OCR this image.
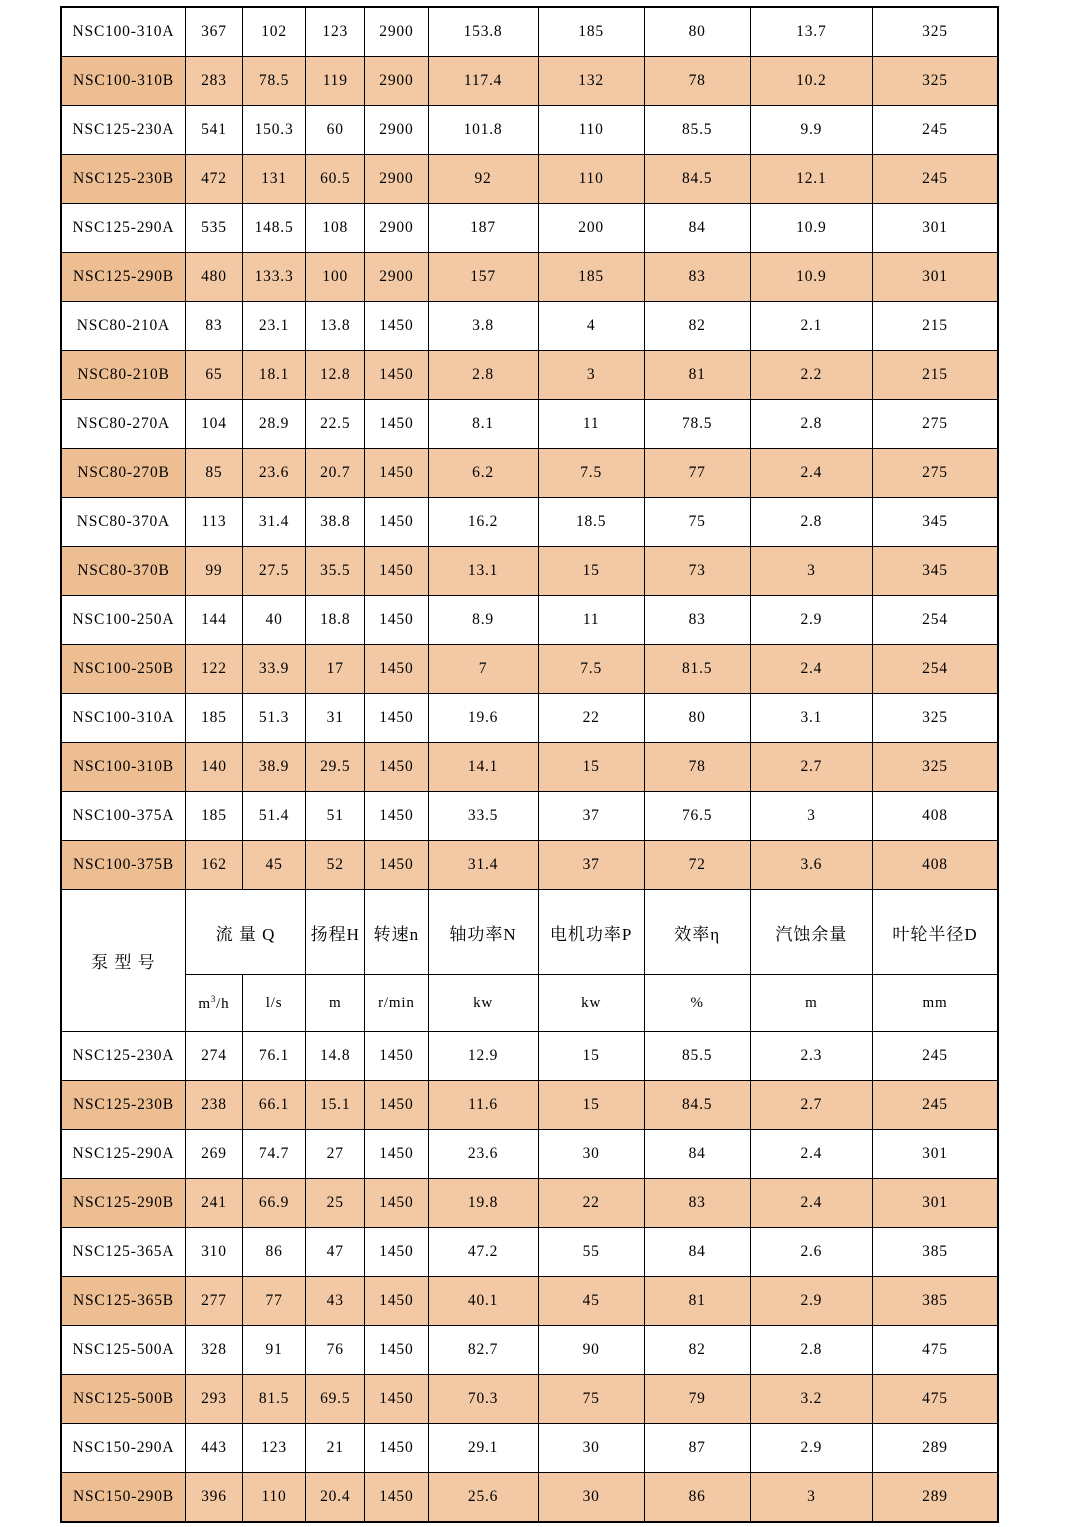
NSC100-310A	367	102	123	2900	153.8	185	80	13.7	325
NSC100-310B	283	78.5	119	2900	117.4	132	78	10.2	325
NSC125-230A	541	150.3	60	2900	101.8	110	85.5	9.9	245
NSC125-230B	472	131	60.5	2900	92	110	84.5	12.1	245
NSC125-290A	535	148.5	108	2900	187	200	84	10.9	301
NSC125-290B	480	133.3	100	2900	157	185	83	10.9	301
NSC80-210A	83	23.1	13.8	1450	3.8	4	82	2.1	215
NSC80-210B	65	18.1	12.8	1450	2.8	3	81	2.2	215
NSC80-270A	104	28.9	22.5	1450	8.1	11	78.5	2.8	275
NSC80-270B	85	23.6	20.7	1450	6.2	7.5	77	2.4	275
NSC80-370A	113	31.4	38.8	1450	16.2	18.5	75	2.8	345
NSC80-370B	99	27.5	35.5	1450	13.1	15	73	3	345
NSC100-250A	144	40	18.8	1450	8.9	11	83	2.9	254
NSC100-250B	122	33.9	17	1450	7	7.5	81.5	2.4	254
NSC100-310A	185	51.3	31	1450	19.6	22	80	3.1	325
NSC100-310B	140	38.9	29.5	1450	14.1	15	78	2.7	325
NSC100-375A	185	51.4	51	1450	33.5	37	76.5	3	408
NSC100-375B	162	45	52	1450	31.4	37	72	3.6	408
泵 型 号	流 量 Q		扬程H	转速n	轴功率N	电机功率P	效率η	汽蚀余量	叶轮半径D
	$m^3/h$	l/s	m	r/min	kw	kw	%	m	mm
NSC125-230A	274	76.1	14.8	1450	12.9	15	85.5	2.3	245
NSC125-230B	238	66.1	15.1	1450	11.6	15	84.5	2.7	245
NSC125-290A	269	74.7	27	1450	23.6	30	84	2.4	301
NSC125-290B	241	66.9	25	1450	19.8	22	83	2.4	301
NSC125-365A	310	86	47	1450	47.2	55	84	2.6	385
NSC125-365B	277	77	43	1450	40.1	45	81	2.9	385
NSC125-500A	328	91	76	1450	82.7	90	82	2.8	475
NSC125-500B	293	81.5	69.5	1450	70.3	75	79	3.2	475
NSC150-290A	443	123	21	1450	29.1	30	87	2.9	289
NSC150-290B	396	110	20.4	1450	25.6	30	86	3	289
